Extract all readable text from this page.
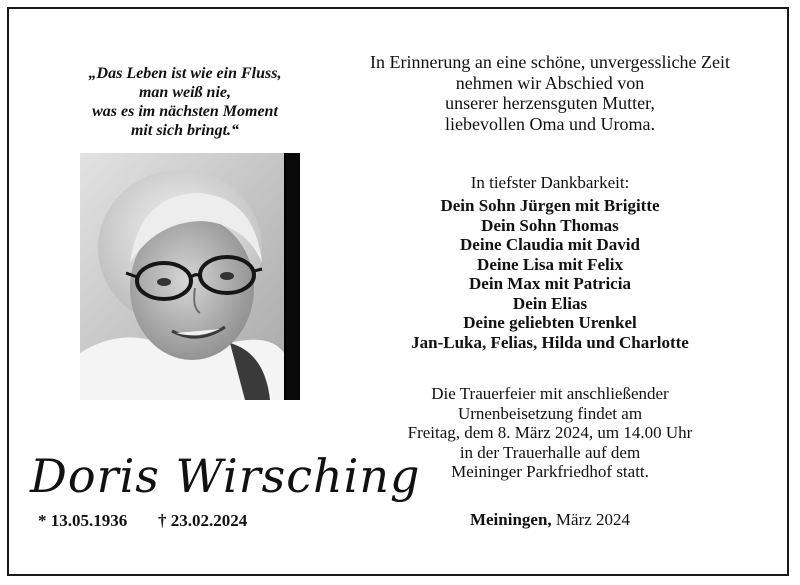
„Das Leben ist wie ein Fluss,
man weiß nie,
was es im nächsten Moment
mit sich bringt.“
Doris Wirsching
* 13.05.1936 † 23.02.2024
In Erinnerung an eine schöne, unvergessliche Zeit
nehmen wir Abschied von
unserer herzensguten Mutter,
liebevollen Oma und Uroma.
In tiefster Dankbarkeit:
Dein Sohn Jürgen mit Brigitte
Dein Sohn Thomas
Deine Claudia mit David
Deine Lisa mit Felix
Dein Max mit Patricia
Dein Elias
Deine geliebten Urenkel
Jan-Luka, Felias, Hilda und Charlotte
Die Trauerfeier mit anschließender
Urnenbeisetzung findet am
Freitag, dem 8. März 2024, um 14.00 Uhr
in der Trauerhalle auf dem
Meininger Parkfriedhof statt.
Meiningen, März 2024
